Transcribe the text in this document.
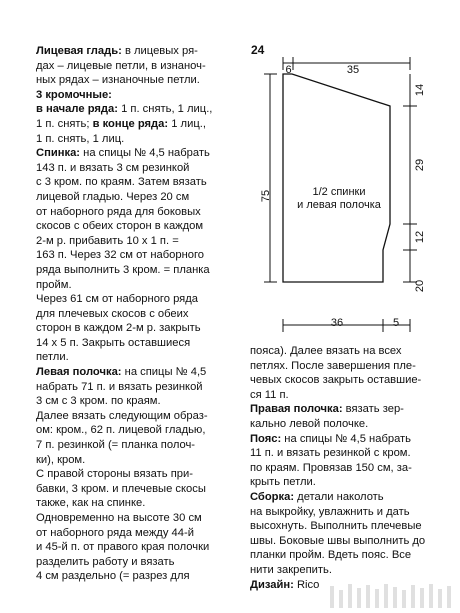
Лицевая гладь: в лицевых ря-
дах – лицевые петли, в изнаноч-
ных рядах – изнаночные петли.

3 кромочные:
в начале ряда: 1 п. снять, 1 лиц.,
1 п. снять; в конце ряда: 1 лиц.,
1 п. снять, 1 лиц.

Спинка: на спицы № 4,5 набрать
143 п. и вязать 3 см резинкой
с 3 кром. по краям. Затем вязать
лицевой гладью. Через 20 см
от наборного ряда для боковых
скосов с обеих сторон в каждом
2-м р. прибавить 10 х 1 п. =
163 п. Через 32 см от наборного
ряда выполнить 3 кром. = планка
пройм.

Через 61 см от наборного ряда
для плечевых скосов с обеих
сторон в каждом 2-м р. закрыть
14 х 5 п. Закрыть оставшиеся
петли.

Левая полочка: на спицы № 4,5
набрать 71 п. и вязать резинкой
3 см с 3 кром. по краям.

Далее вязать следующим образ-
ом: кром., 62 п. лицевой гладью,
7 п. резинкой (= планка полоч-
ки), кром.

С правой стороны вязать при-
бавки, 3 кром. и плечевые скосы
также, как на спинке.
Одновременно на высоте 30 см
от наборного ряда между 44-й
и 45-й п. от правого края полочки
разделить работу и вязать
4 см раздельно (= разрез для

24
6	35
14
29
12
20
75
36	5
1/2 спинки
и левая полочка

пояса). Далее вязать на всех
петлях. После завершения пле-
чевых скосов закрыть оставшие-
ся 11 п.

Правая полочка: вязать зер-
кально левой полочке.

Пояс: на спицы № 4,5 набрать
11 п. и вязать резинкой с кром.
по краям. Провязав 150 см, за-
крыть петли.

Сборка: детали наколоть
на выкройку, увлажнить и дать
высохнуть. Выполнить плечевые
швы. Боковые швы выполнить до
планки пройм. Вдеть пояс. Все
нити закрепить.

Дизайн: Rico
